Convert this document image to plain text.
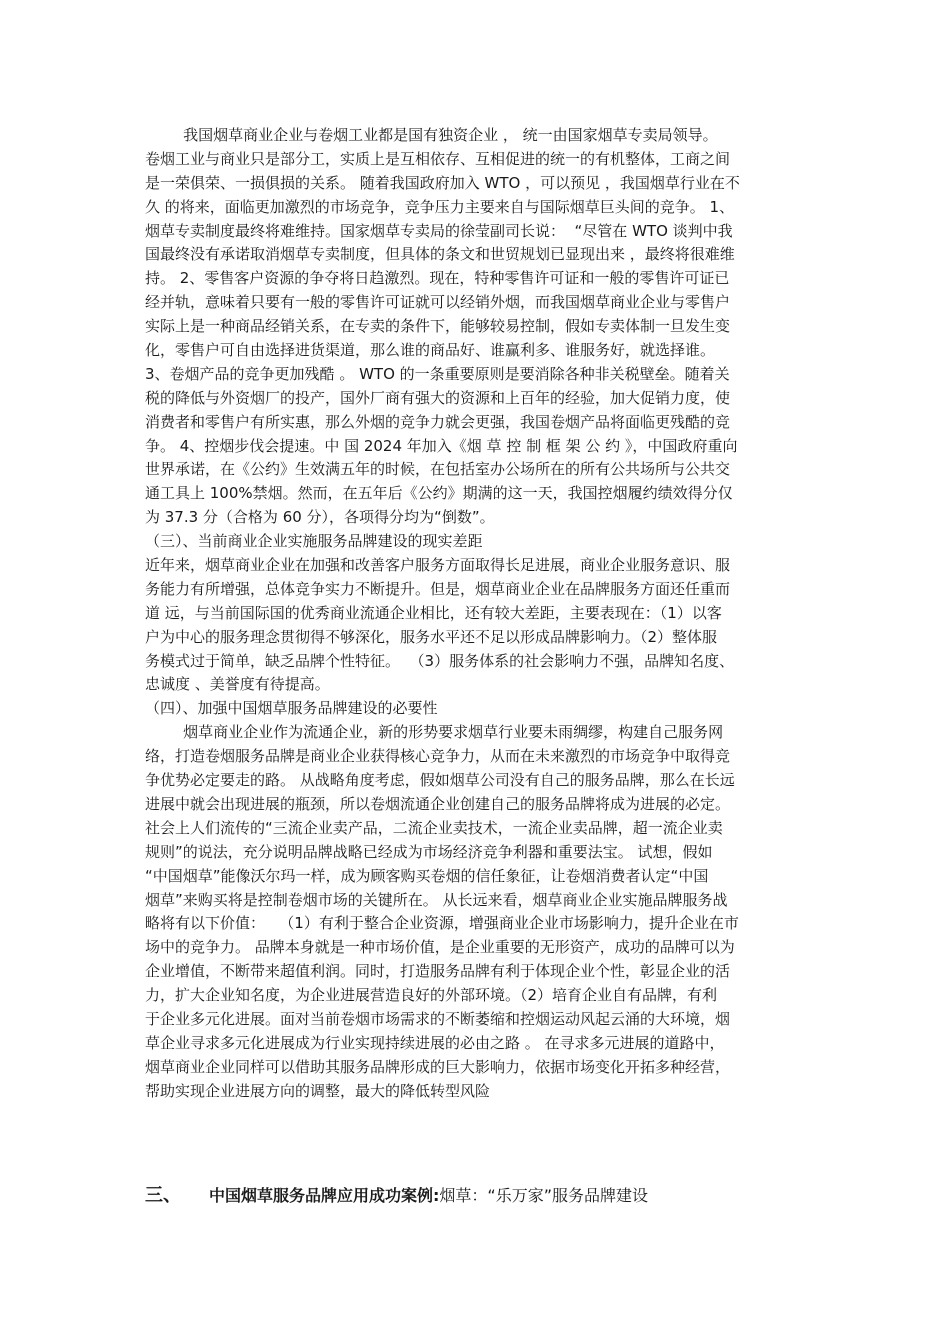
我国烟草商业企业与卷烟工业都是国有独资企业 ， 统一由国家烟草专卖局领导。
卷烟工业与商业只是部分工，实质上是互相依存、互相促进的统一的有机整体，工商之间
是一荣俱荣、一损俱损的关系。 随着我国政府加入 WTO ，可以预见 ，我国烟草行业在不
久 的将来，面临更加激烈的市场竞争，竞争压力主要来自与国际烟草巨头间的竞争。 1、
烟草专卖制度最终将难维持。国家烟草专卖局的徐莹副司长说：  “尽管在 WTO 谈判中我
国最终没有承诺取消烟草专卖制度，但具体的条文和世贸规划已显现出来 ，最终将很难维
持。 2、零售客户资源的争夺将日趋激烈。现在，特种零售许可证和一般的零售许可证已
经并轨，意味着只要有一般的零售许可证就可以经销外烟，而我国烟草商业企业与零售户
实际上是一种商品经销关系，在专卖的条件下，能够较易控制，假如专卖体制一旦发生变
化，零售户可自由选择进货渠道，那么谁的商品好、谁赢利多、谁服务好，就选择谁。
3、卷烟产品的竞争更加残酷 。 WTO 的一条重要原则是要消除各种非关税壁垒。随着关
税的降低与外资烟厂的投产，国外厂商有强大的资源和上百年的经验，加大促销力度，使
消费者和零售户有所实惠，那么外烟的竞争力就会更强，我国卷烟产品将面临更残酷的竞
争。 4、控烟步伐会提速。中 国 2024 年加入《烟 草 控 制 框 架 公 约 》，中国政府重向
世界承诺，在《公约》生效满五年的时候，在包括室办公场所在的所有公共场所与公共交
通工具上 100%禁烟。然而，在五年后《公约》期满的这一天，我国控烟履约绩效得分仅
为 37.3 分（合格为 60 分），各项得分均为“倒数”。
（三）、当前商业企业实施服务品牌建设的现实差距
近年来，烟草商业企业在加强和改善客户服务方面取得长足进展，商业企业服务意识、服
务能力有所增强，总体竞争实力不断提升。但是，烟草商业企业在品牌服务方面还任重而
道 远，与当前国际国的优秀商业流通企业相比，还有较大差距，主要表现在：（1）以客
户为中心的服务理念贯彻得不够深化，服务水平还不足以形成品牌影响力。（2）整体服
务模式过于简单，缺乏品牌个性特征。  （3）服务体系的社会影响力不强，品牌知名度、
忠诚度 、美誉度有待提高。
（四）、加强中国烟草服务品牌建设的必要性
烟草商业企业作为流通企业，新的形势要求烟草行业要未雨绸缪，构建自己服务网
络，打造卷烟服务品牌是商业企业获得核心竞争力，从而在未来激烈的市场竞争中取得竞
争优势必定要走的路。 从战略角度考虑，假如烟草公司没有自己的服务品牌，那么在长远
进展中就会出现进展的瓶颈，所以卷烟流通企业创建自己的服务品牌将成为进展的必定。
社会上人们流传的“三流企业卖产品，二流企业卖技术，一流企业卖品牌，超一流企业卖
规则”的说法，充分说明品牌战略已经成为市场经济竞争利器和重要法宝。 试想，假如
“中国烟草”能像沃尔玛一样，成为顾客购买卷烟的信任象征，让卷烟消费者认定“中国
烟草”来购买将是控制卷烟市场的关键所在。 从长远来看，烟草商业企业实施品牌服务战
略将有以下价值：   （1）有利于整合企业资源，增强商业企业市场影响力，提升企业在市
场中的竞争力。 品牌本身就是一种市场价值，是企业重要的无形资产，成功的品牌可以为
企业增值，不断带来超值利润。同时，打造服务品牌有利于体现企业个性，彰显企业的活
力，扩大企业知名度，为企业进展营造良好的外部环境。（2）培育企业自有品牌，有利
于企业多元化进展。面对当前卷烟市场需求的不断萎缩和控烟运动风起云涌的大环境，烟
草企业寻求多元化进展成为行业实现持续进展的必由之路 。 在寻求多元进展的道路中，
烟草商业企业同样可以借助其服务品牌形成的巨大影响力，依据市场变化开拓多种经营，
帮助实现企业进展方向的调整，最大的降低转型风险
三、 中国烟草服务品牌应用成功案例:烟草：“乐万家”服务品牌建设
